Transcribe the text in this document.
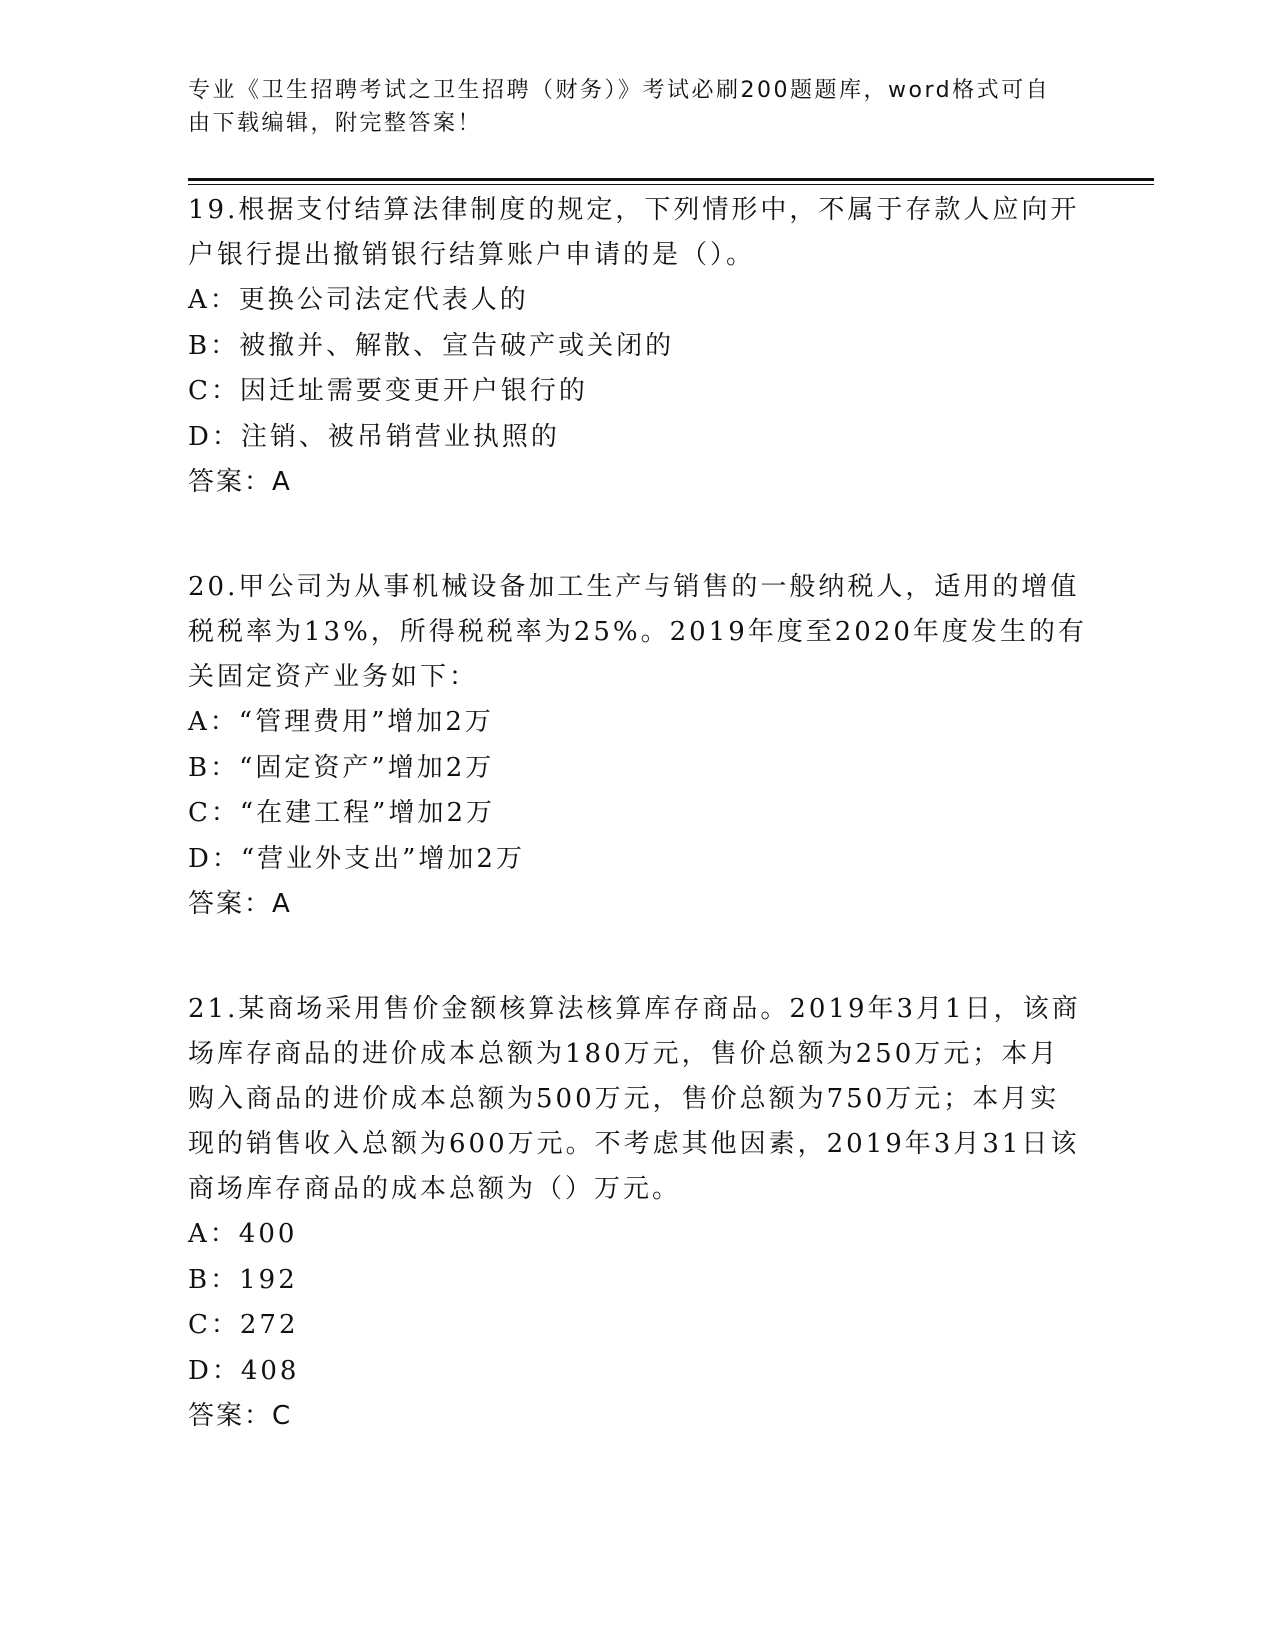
专业《卫生招聘考试之卫生招聘（财务）》考试必刷200题题库，word格式可自由下载编辑，附完整答案！
19.根据支付结算法律制度的规定，下列情形中，不属于存款人应向开户银行提出撤销银行结算账户申请的是（）。
A：更换公司法定代表人的
B：被撤并、解散、宣告破产或关闭的
C：因迁址需要变更开户银行的
D：注销、被吊销营业执照的
答案：A
20.甲公司为从事机械设备加工生产与销售的一般纳税人，适用的增值税税率为13%，所得税税率为25%。2019年度至2020年度发生的有关固定资产业务如下：
A：“管理费用”增加2万
B：“固定资产”增加2万
C：“在建工程”增加2万
D：“营业外支出”增加2万
答案：A
21.某商场采用售价金额核算法核算库存商品。2019年3月1日，该商场库存商品的进价成本总额为180万元，售价总额为250万元；本月购入商品的进价成本总额为500万元，售价总额为750万元；本月实现的销售收入总额为600万元。不考虑其他因素，2019年3月31日该商场库存商品的成本总额为（）万元。
A：400
B：192
C：272
D：408
答案：C
